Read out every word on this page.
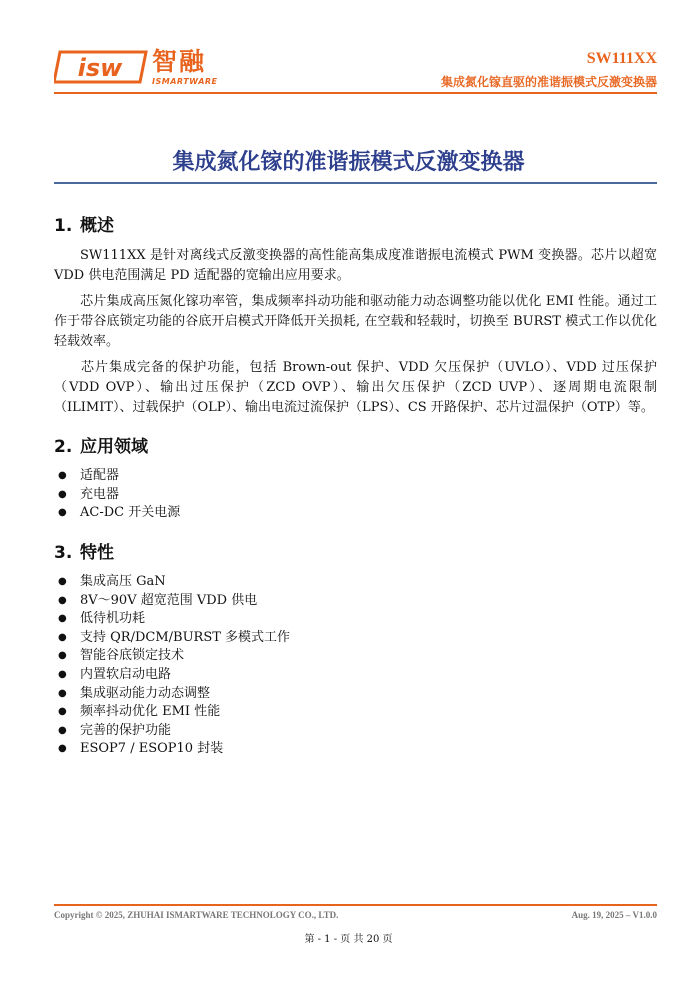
isw 智融
ISMARTWARE
SW111XX
集成氮化镓直驱的准谐振模式反激变换器
集成氮化镓的准谐振模式反激变换器
1. 概述
SW111XX 是针对离线式反激变换器的高性能高集成度准谐振电流模式 PWM 变换器。芯片以超宽 VDD 供电范围满足 PD 适配器的宽输出应用要求。
芯片集成高压氮化镓功率管，集成频率抖动功能和驱动能力动态调整功能以优化 EMI 性能。通过工作于带谷底锁定功能的谷底开启模式开降低开关损耗, 在空载和轻载时，切换至 BURST 模式工作以优化轻载效率。
芯片集成完备的保护功能，包括 Brown-out 保护、VDD 欠压保护（UVLO）、VDD 过压保护（VDD OVP）、输出过压保护（ZCD OVP）、输出欠压保护（ZCD UVP）、逐周期电流限制（ILIMIT）、过载保护（OLP）、输出电流过流保护（LPS）、CS 开路保护、芯片过温保护（OTP）等。
2. 应用领域
● 适配器
● 充电器
● AC-DC 开关电源
3. 特性
● 集成高压 GaN
● 8V～90V 超宽范围 VDD 供电
● 低待机功耗
● 支持 QR/DCM/BURST 多模式工作
● 智能谷底锁定技术
● 内置软启动电路
● 集成驱动能力动态调整
● 频率抖动优化 EMI 性能
● 完善的保护功能
● ESOP7 / ESOP10 封装
Copyright © 2025, ZHUHAI ISMARTWARE TECHNOLOGY CO., LTD.	Aug. 19, 2025 – V1.0.0
第 - 1 - 页 共 20 页
